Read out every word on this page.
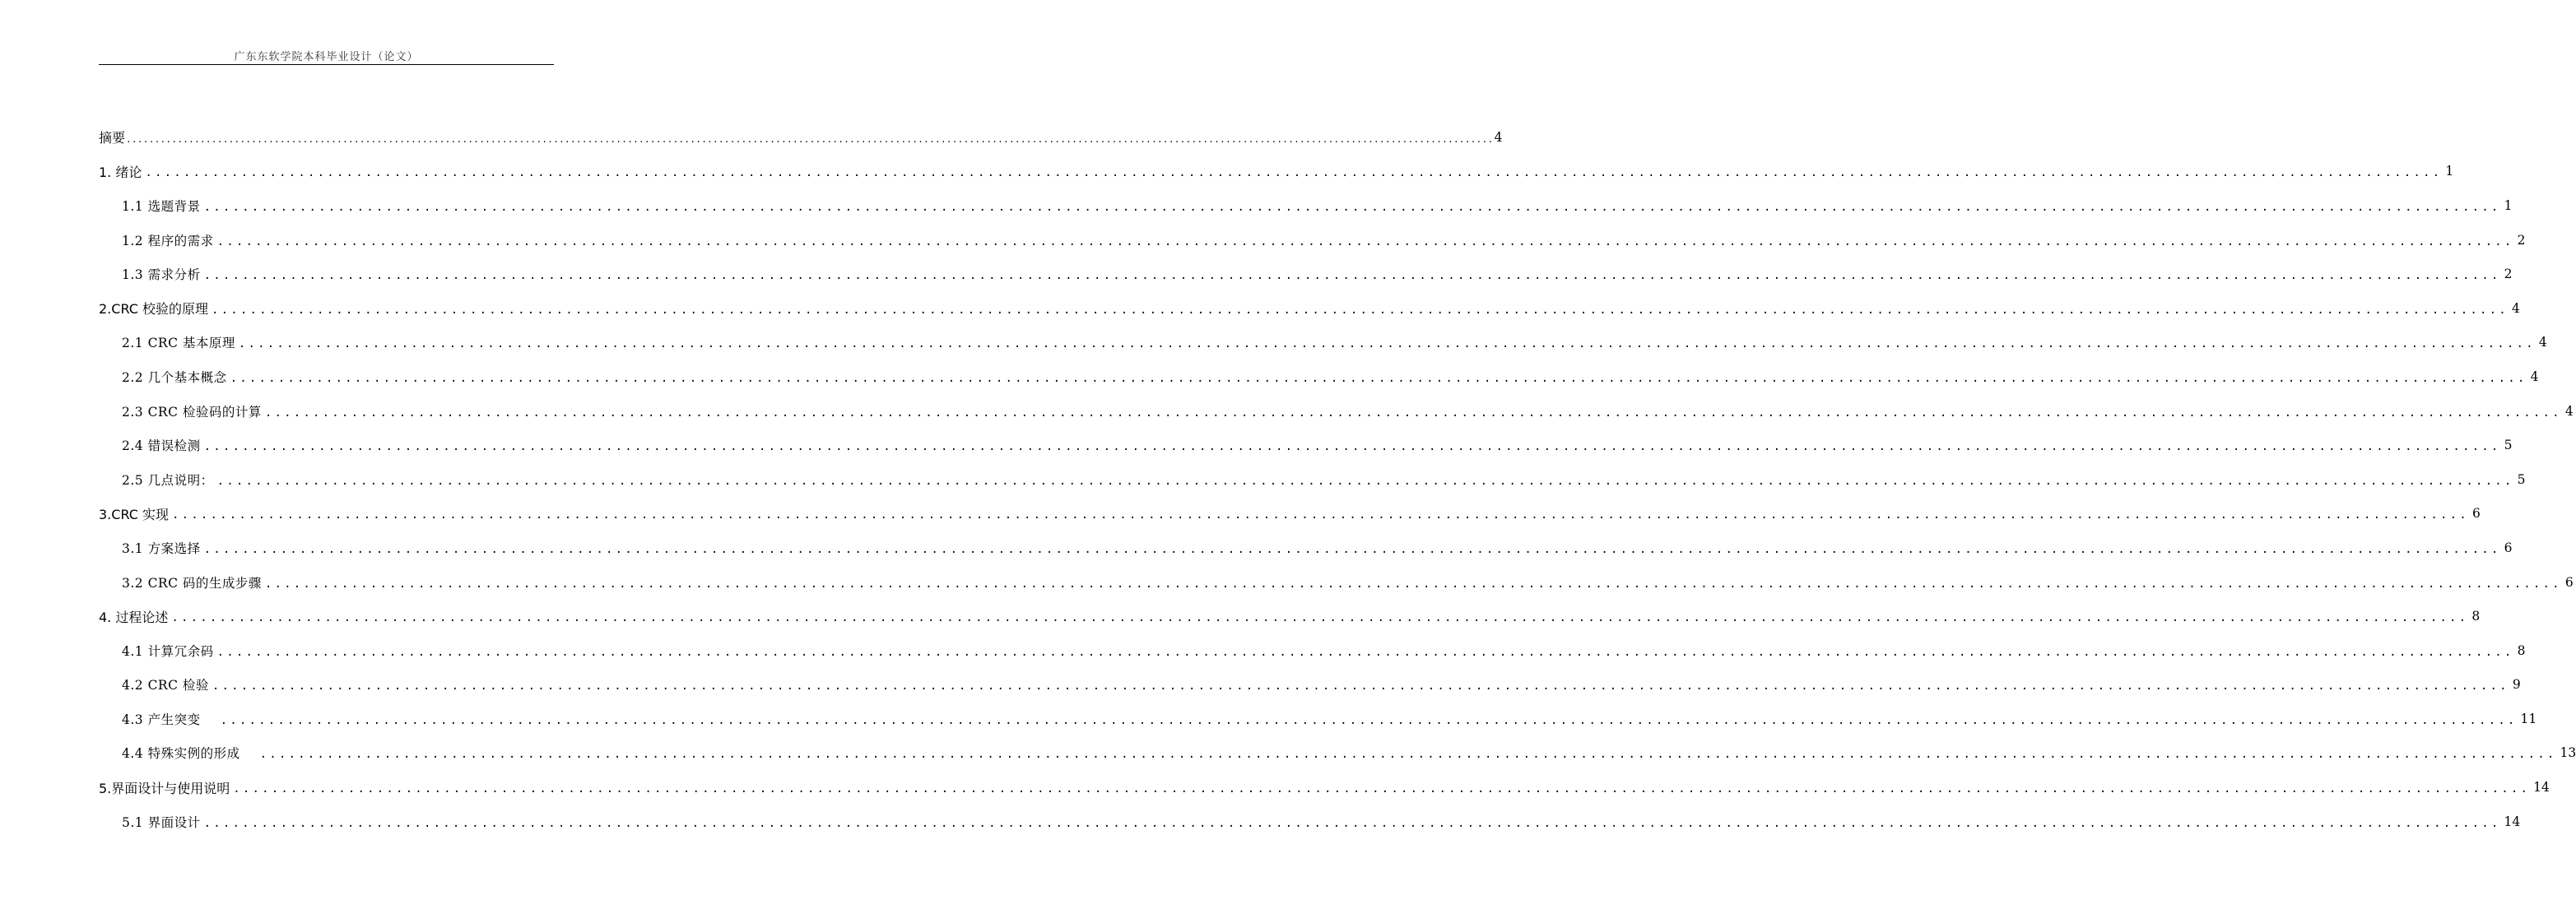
广东东软学院本科毕业设计（论文）
摘要 ................................................................................................................................................................................................................................................ 4
1. 绪论 ................................................................................................................................................................................................................................................ 1
1.1 选题背景 ................................................................................................................................................................................................................................................ 1
1.2 程序的需求 ................................................................................................................................................................................................................................................ 2
1.3 需求分析 ................................................................................................................................................................................................................................................ 2
2.CRC 校验的原理 ................................................................................................................................................................................................................................................ 4
2.1 CRC 基本原理 ................................................................................................................................................................................................................................................ 4
2.2 几个基本概念 ................................................................................................................................................................................................................................................ 4
2.3 CRC 检验码的计算 ................................................................................................................................................................................................................................................ 4
2.4 错误检测 ................................................................................................................................................................................................................................................ 5
2.5 几点说明： ................................................................................................................................................................................................................................................ 5
3.CRC 实现 ................................................................................................................................................................................................................................................ 6
3.1 方案选择 ................................................................................................................................................................................................................................................ 6
3.2 CRC 码的生成步骤 ................................................................................................................................................................................................................................................ 6
4. 过程论述 ................................................................................................................................................................................................................................................ 8
4.1 计算冗余码 ................................................................................................................................................................................................................................................ 8
4.2 CRC 检验 ................................................................................................................................................................................................................................................ 9
4.3 产生突变 ................................................................................................................................................................................................................................................ 11
4.4 特殊实例的形成 ................................................................................................................................................................................................................................................ 13
5.界面设计与使用说明 ................................................................................................................................................................................................................................................ 14
5.1 界面设计 ................................................................................................................................................................................................................................................ 14
